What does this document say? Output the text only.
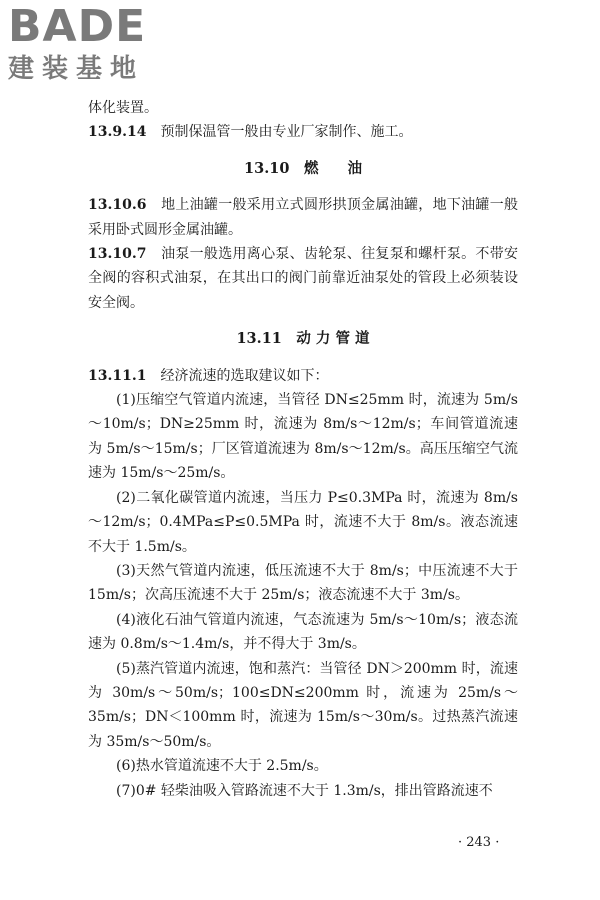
BADE
建装基地

体化装置。

13.9.14　 预制保温管一般由专业厂家制作、施工。

13.10　燃　　油

13.10.6　 地上油罐一般采用立式圆形拱顶金属油罐，地下油罐一般采用卧式圆形金属油罐。

13.10.7　 油泵一般选用离心泵、齿轮泵、往复泵和螺杆泵。不带安全阀的容积式油泵，在其出口的阀门前靠近油泵处的管段上必须装设安全阀。

13.11　动 力 管 道

13.11.1　 经济流速的选取建议如下：

(1)压缩空气管道内流速，当管径 DN≤25mm 时，流速为 5m/s～10m/s；DN≥25mm 时，流速为 8m/s～12m/s；车间管道流速为 5m/s～15m/s；厂区管道流速为 8m/s～12m/s。高压压缩空气流速为 15m/s～25m/s。

(2)二氧化碳管道内流速，当压力 P≤0.3MPa 时，流速为 8m/s～12m/s；0.4MPa≤P≤0.5MPa 时，流速不大于 8m/s。液态流速不大于 1.5m/s。

(3)天然气管道内流速，低压流速不大于 8m/s；中压流速不大于 15m/s；次高压流速不大于 25m/s；液态流速不大于 3m/s。

(4)液化石油气管道内流速，气态流速为 5m/s～10m/s；液态流速为 0.8m/s～1.4m/s，并不得大于 3m/s。

(5)蒸汽管道内流速，饱和蒸汽：当管径 DN＞200mm 时，流速为 30m/s～50m/s；100≤DN≤200mm 时，流速为 25m/s～35m/s；DN＜100mm 时，流速为 15m/s～30m/s。过热蒸汽流速为 35m/s～50m/s。

(6)热水管道流速不大于 2.5m/s。

(7)0# 轻柴油吸入管路流速不大于 1.3m/s，排出管路流速不

· 243 ·
